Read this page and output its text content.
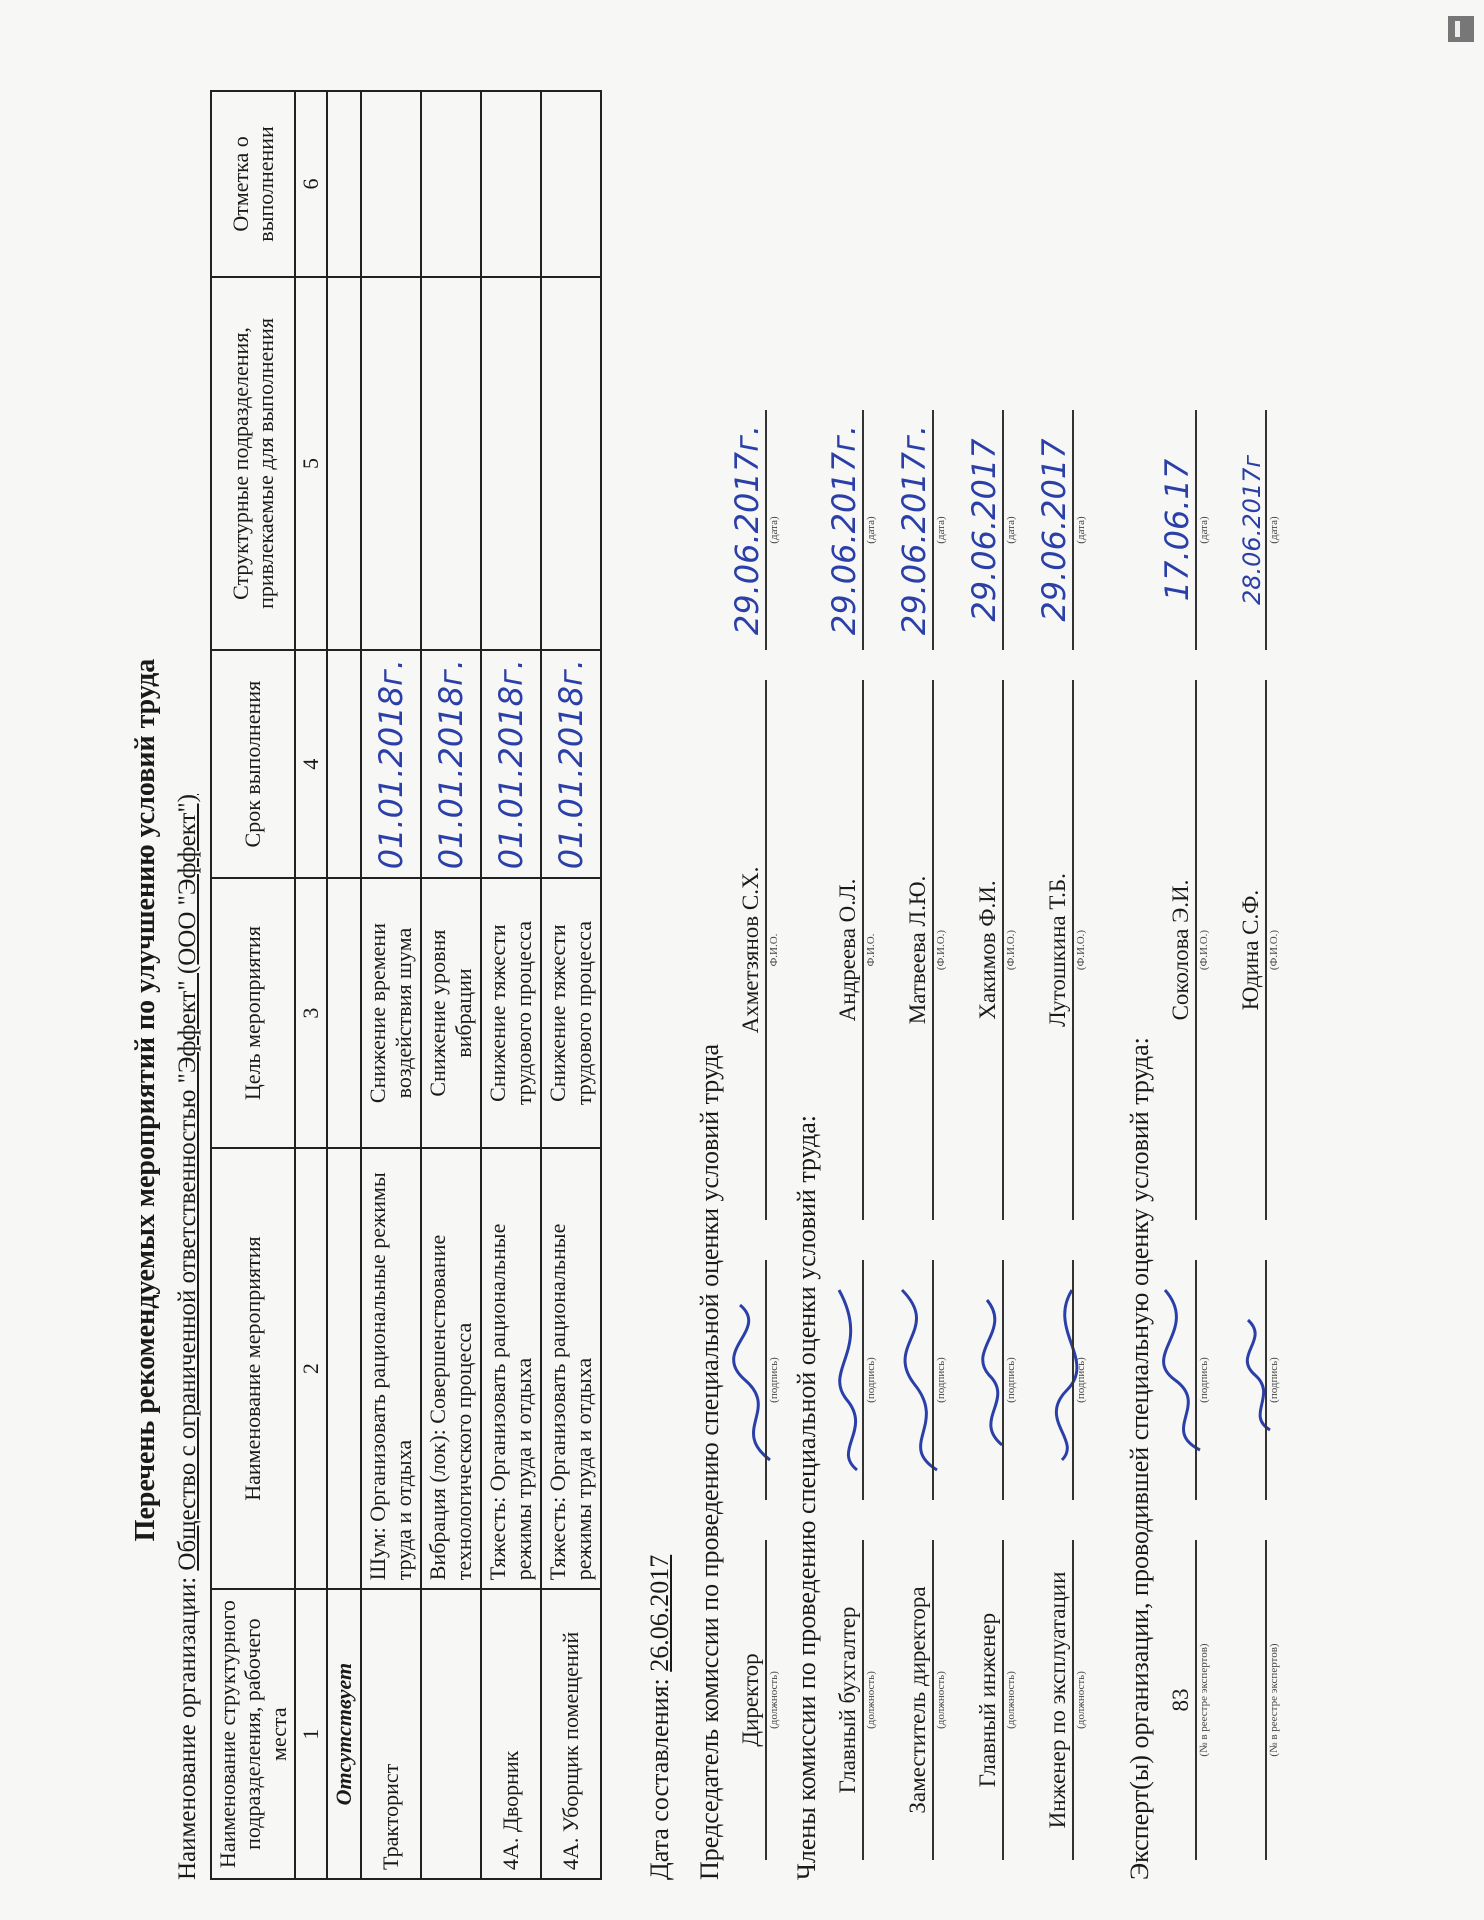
Перечень рекомендуемых мероприятий по улучшению условий труда
Наименование организации: Общество с ограниченной ответственностью "Эффект" (ООО "Эффект")
Наименование структурного подразделения, рабочего места	Наименование мероприятия	Цель мероприятия	Срок выполнения	Структурные подразделения, привлекаемые для выполнения	Отметка о выполнении
1	2	3	4	5	6
Отсутствует					
Тракторист	Шум: Организовать рациональные режимы труда и отдыха	Снижение времени воздействия шума	01.01.2018г.		
	Вибрация (лок): Совершенствование технологического процесса	Снижение уровня вибрации	01.01.2018г.		
4А. Дворник	Тяжесть: Организовать рациональные режимы труда и отдыха	Снижение тяжести трудового процесса	01.01.2018г.		
4А. Уборщик помещений	Тяжесть: Организовать рациональные режимы труда и отдыха	Снижение тяжести трудового процесса	01.01.2018г.		
Дата составления: 26.06.2017 Председатель комиссии по проведению специальной оценки условий труда Директор (должность)
(подпись)
Ахметзянов С.Х. Ф.И.О.
29.06.2017г. (дата)
Члены комиссии по проведению специальной оценки условий труда: Главный бухгалтер (должность)
(подпись)
Андреева О.Л. Ф.И.О.
29.06.2017г. (дата)
Заместитель директора (должность)
(подпись)
Матвеева Л.Ю. (Ф.И.О.)
29.06.2017г. (дата)
Главный инженер (должность)
(подпись)
Хакимов Ф.И. (Ф.И.О.)
29.06.2017 (дата)
Инженер по эксплуатации (должность)
(подпись)
Лутошкина Т.Б. (Ф.И.О.)
29.06.2017 (дата)
Эксперт(ы) организации, проводившей специальную оценку условий труда: 83 (№ в реестре экспертов)
(подпись)
Соколова Э.И. (Ф.И.О.)
17.06.17 (дата)
(№ в реестре экспертов)
(подпись)
Юдина С.Ф. (Ф.И.О.)
28.06.2017г (дата)
